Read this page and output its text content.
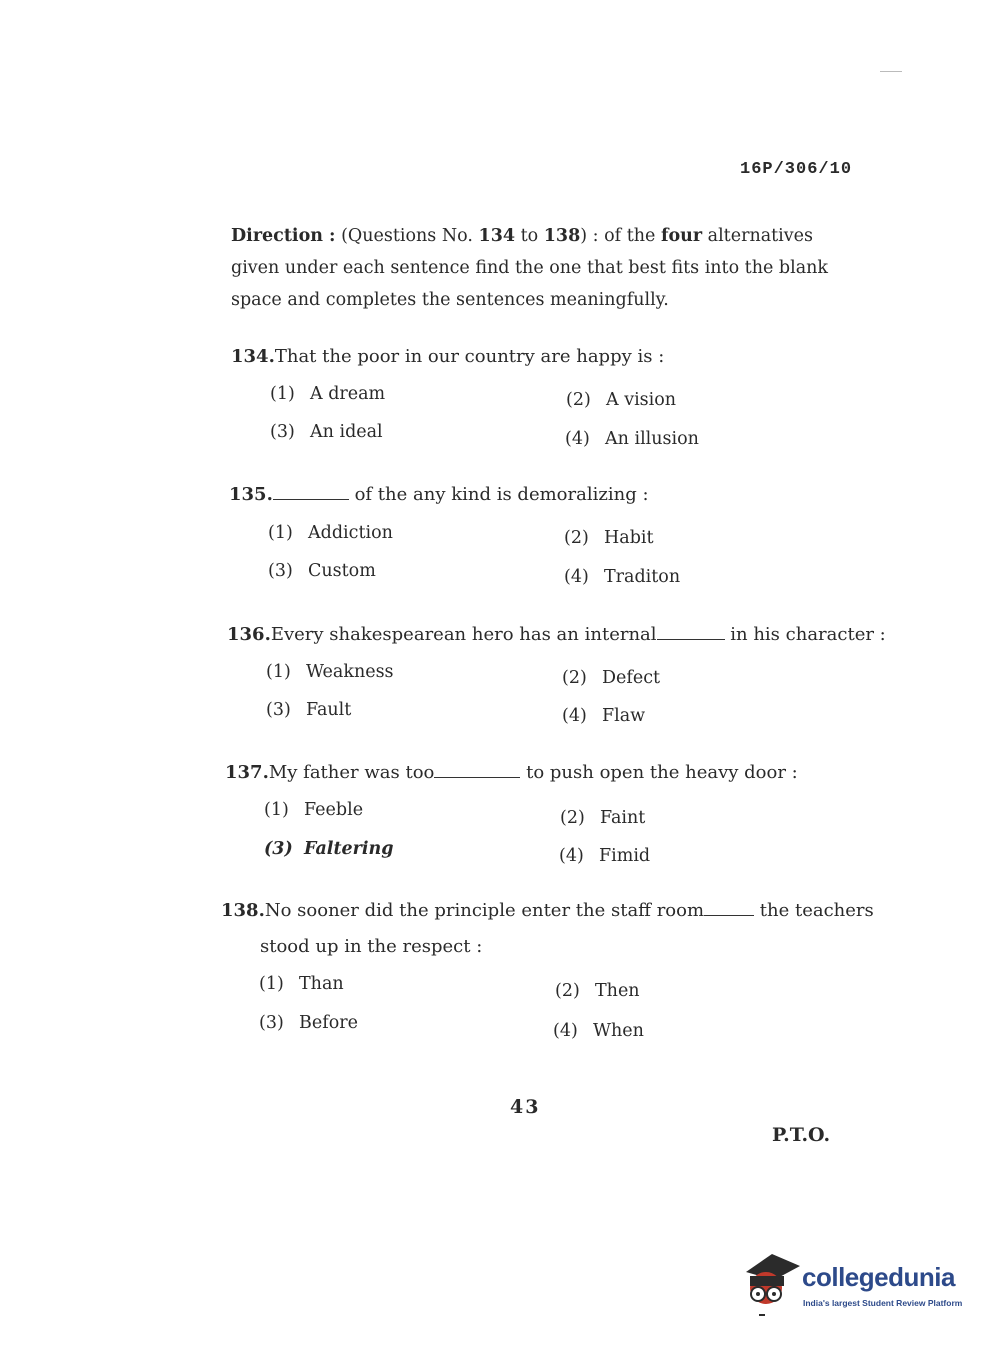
16P/306/10
Direction : (Questions No. 134 to 138) : of the four alternatives given under each sentence find the one that best fits into the blank space and completes the sentences meaningfully.
134.That the poor in our country are happy is :
(1) A dream	(2) A vision
(3) An ideal	(4) An illusion
135.	of the any kind is demoralizing :
(1) Addiction	(2) Habit
(3) Custom	(4) Traditon
136.Every shakespearean hero has an internal	in his character :
(1) Weakness	(2) Defect
(3) Fault	(4) Flaw
137.My father was too	to push open the heavy door :
(1) Feeble	(2) Faint
(3) Faltering	(4) Fimid
138.No sooner did the principle enter the staff room	the teachers
stood up in the respect :
(1) Than	(2) Then
(3) Before	(4) When
43
P.T.O.
collegedunia
India's largest Student Review Platform
